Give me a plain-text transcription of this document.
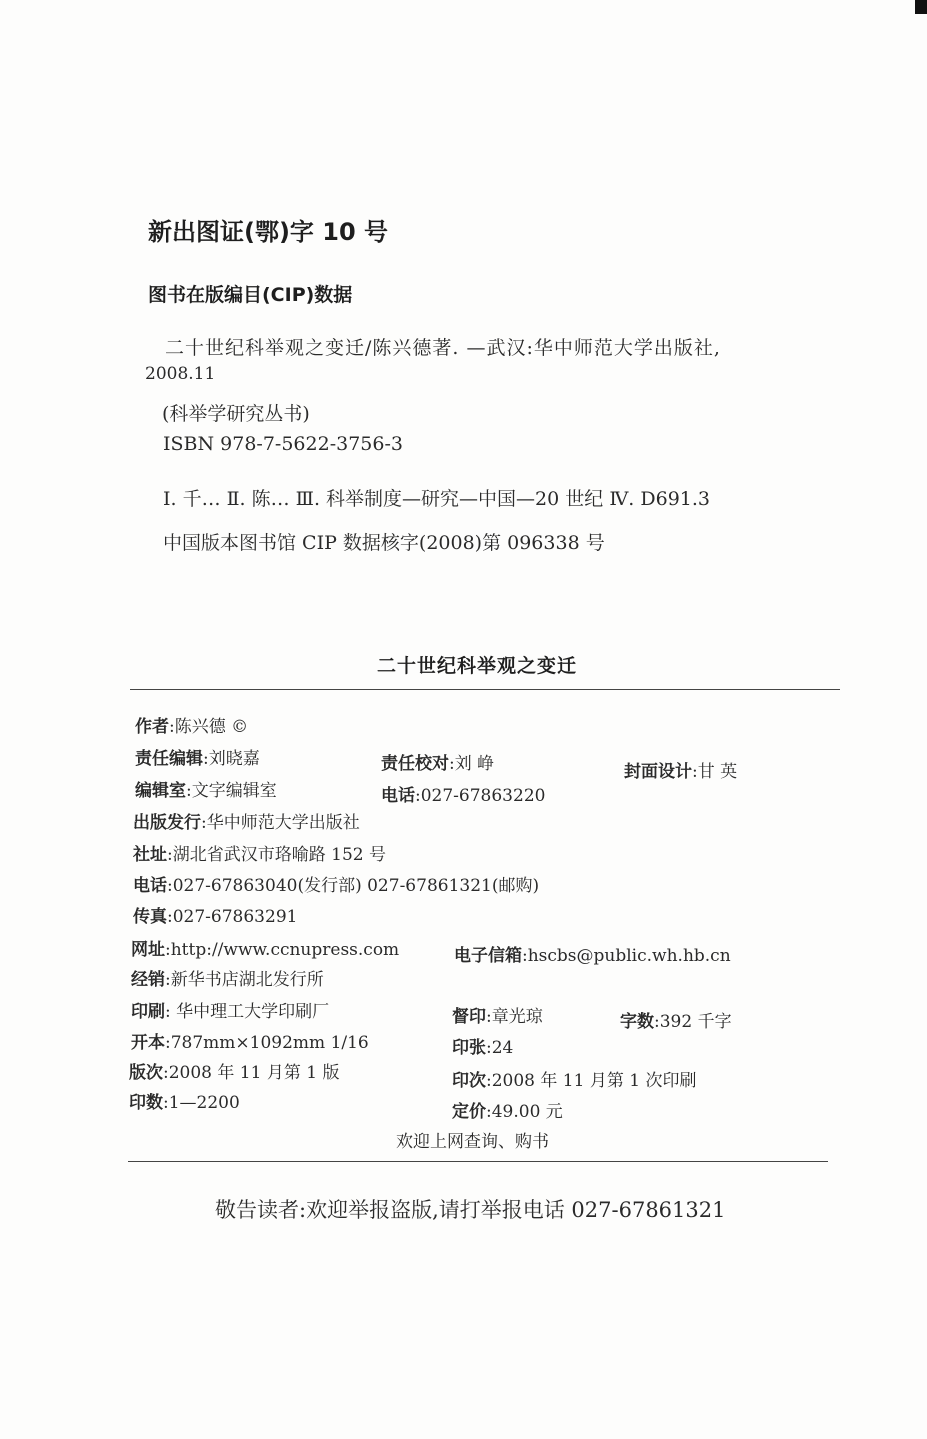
新出图证(鄂)字 10 号
图书在版编目(CIP)数据
二十世纪科举观之变迁/陈兴德著. —武汉:华中师范大学出版社,
2008.11
(科举学研究丛书)
ISBN 978-7-5622-3756-3
Ⅰ. 千… Ⅱ. 陈… Ⅲ. 科举制度—研究—中国—20 世纪 Ⅳ. D691.3
中国版本图书馆 CIP 数据核字(2008)第 096338 号
二十世纪科举观之变迁
作者:陈兴德 ©
责任编辑:刘晓嘉	责任校对:刘 峥	封面设计:甘 英
编辑室:文字编辑室	电话:027-67863220
出版发行:华中师范大学出版社
社址:湖北省武汉市珞喻路 152 号
电话:027-67863040(发行部) 027-67861321(邮购)
传真:027-67863291
网址:http://www.ccnupress.com	电子信箱:hscbs@public.wh.hb.cn
经销:新华书店湖北发行所
印刷: 华中理工大学印刷厂	督印:章光琼	字数:392 千字
开本:787mm×1092mm 1/16	印张:24
版次:2008 年 11 月第 1 版	印次:2008 年 11 月第 1 次印刷
印数:1—2200	定价:49.00 元
欢迎上网查询、购书
敬告读者:欢迎举报盗版,请打举报电话 027-67861321
